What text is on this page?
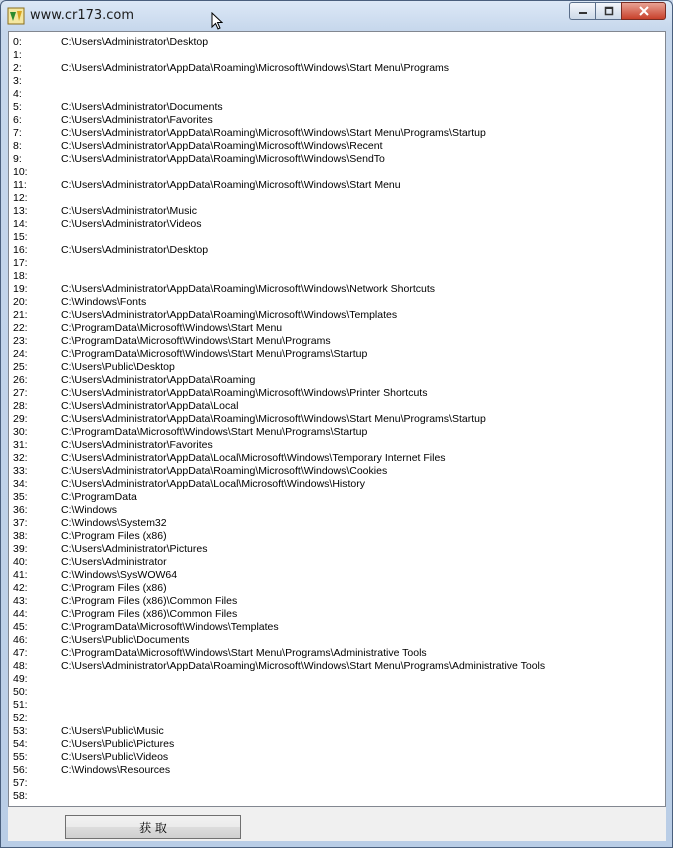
www.cr173.com
0:	C:\Users\Administrator\Desktop
1:
2:	C:\Users\Administrator\AppData\Roaming\Microsoft\Windows\Start Menu\Programs
3:
4:
5:	C:\Users\Administrator\Documents
6:	C:\Users\Administrator\Favorites
7:	C:\Users\Administrator\AppData\Roaming\Microsoft\Windows\Start Menu\Programs\Startup
8:	C:\Users\Administrator\AppData\Roaming\Microsoft\Windows\Recent
9:	C:\Users\Administrator\AppData\Roaming\Microsoft\Windows\SendTo
10:
11:	C:\Users\Administrator\AppData\Roaming\Microsoft\Windows\Start Menu
12:
13:	C:\Users\Administrator\Music
14:	C:\Users\Administrator\Videos
15:
16:	C:\Users\Administrator\Desktop
17:
18:
19:	C:\Users\Administrator\AppData\Roaming\Microsoft\Windows\Network Shortcuts
20:	C:\Windows\Fonts
21:	C:\Users\Administrator\AppData\Roaming\Microsoft\Windows\Templates
22:	C:\ProgramData\Microsoft\Windows\Start Menu
23:	C:\ProgramData\Microsoft\Windows\Start Menu\Programs
24:	C:\ProgramData\Microsoft\Windows\Start Menu\Programs\Startup
25:	C:\Users\Public\Desktop
26:	C:\Users\Administrator\AppData\Roaming
27:	C:\Users\Administrator\AppData\Roaming\Microsoft\Windows\Printer Shortcuts
28:	C:\Users\Administrator\AppData\Local
29:	C:\Users\Administrator\AppData\Roaming\Microsoft\Windows\Start Menu\Programs\Startup
30:	C:\ProgramData\Microsoft\Windows\Start Menu\Programs\Startup
31:	C:\Users\Administrator\Favorites
32:	C:\Users\Administrator\AppData\Local\Microsoft\Windows\Temporary Internet Files
33:	C:\Users\Administrator\AppData\Roaming\Microsoft\Windows\Cookies
34:	C:\Users\Administrator\AppData\Local\Microsoft\Windows\History
35:	C:\ProgramData
36:	C:\Windows
37:	C:\Windows\System32
38:	C:\Program Files (x86)
39:	C:\Users\Administrator\Pictures
40:	C:\Users\Administrator
41:	C:\Windows\SysWOW64
42:	C:\Program Files (x86)
43:	C:\Program Files (x86)\Common Files
44:	C:\Program Files (x86)\Common Files
45:	C:\ProgramData\Microsoft\Windows\Templates
46:	C:\Users\Public\Documents
47:	C:\ProgramData\Microsoft\Windows\Start Menu\Programs\Administrative Tools
48:	C:\Users\Administrator\AppData\Roaming\Microsoft\Windows\Start Menu\Programs\Administrative Tools
49:
50:
51:
52:
53:	C:\Users\Public\Music
54:	C:\Users\Public\Pictures
55:	C:\Users\Public\Videos
56:	C:\Windows\Resources
57:
58:
获 取
